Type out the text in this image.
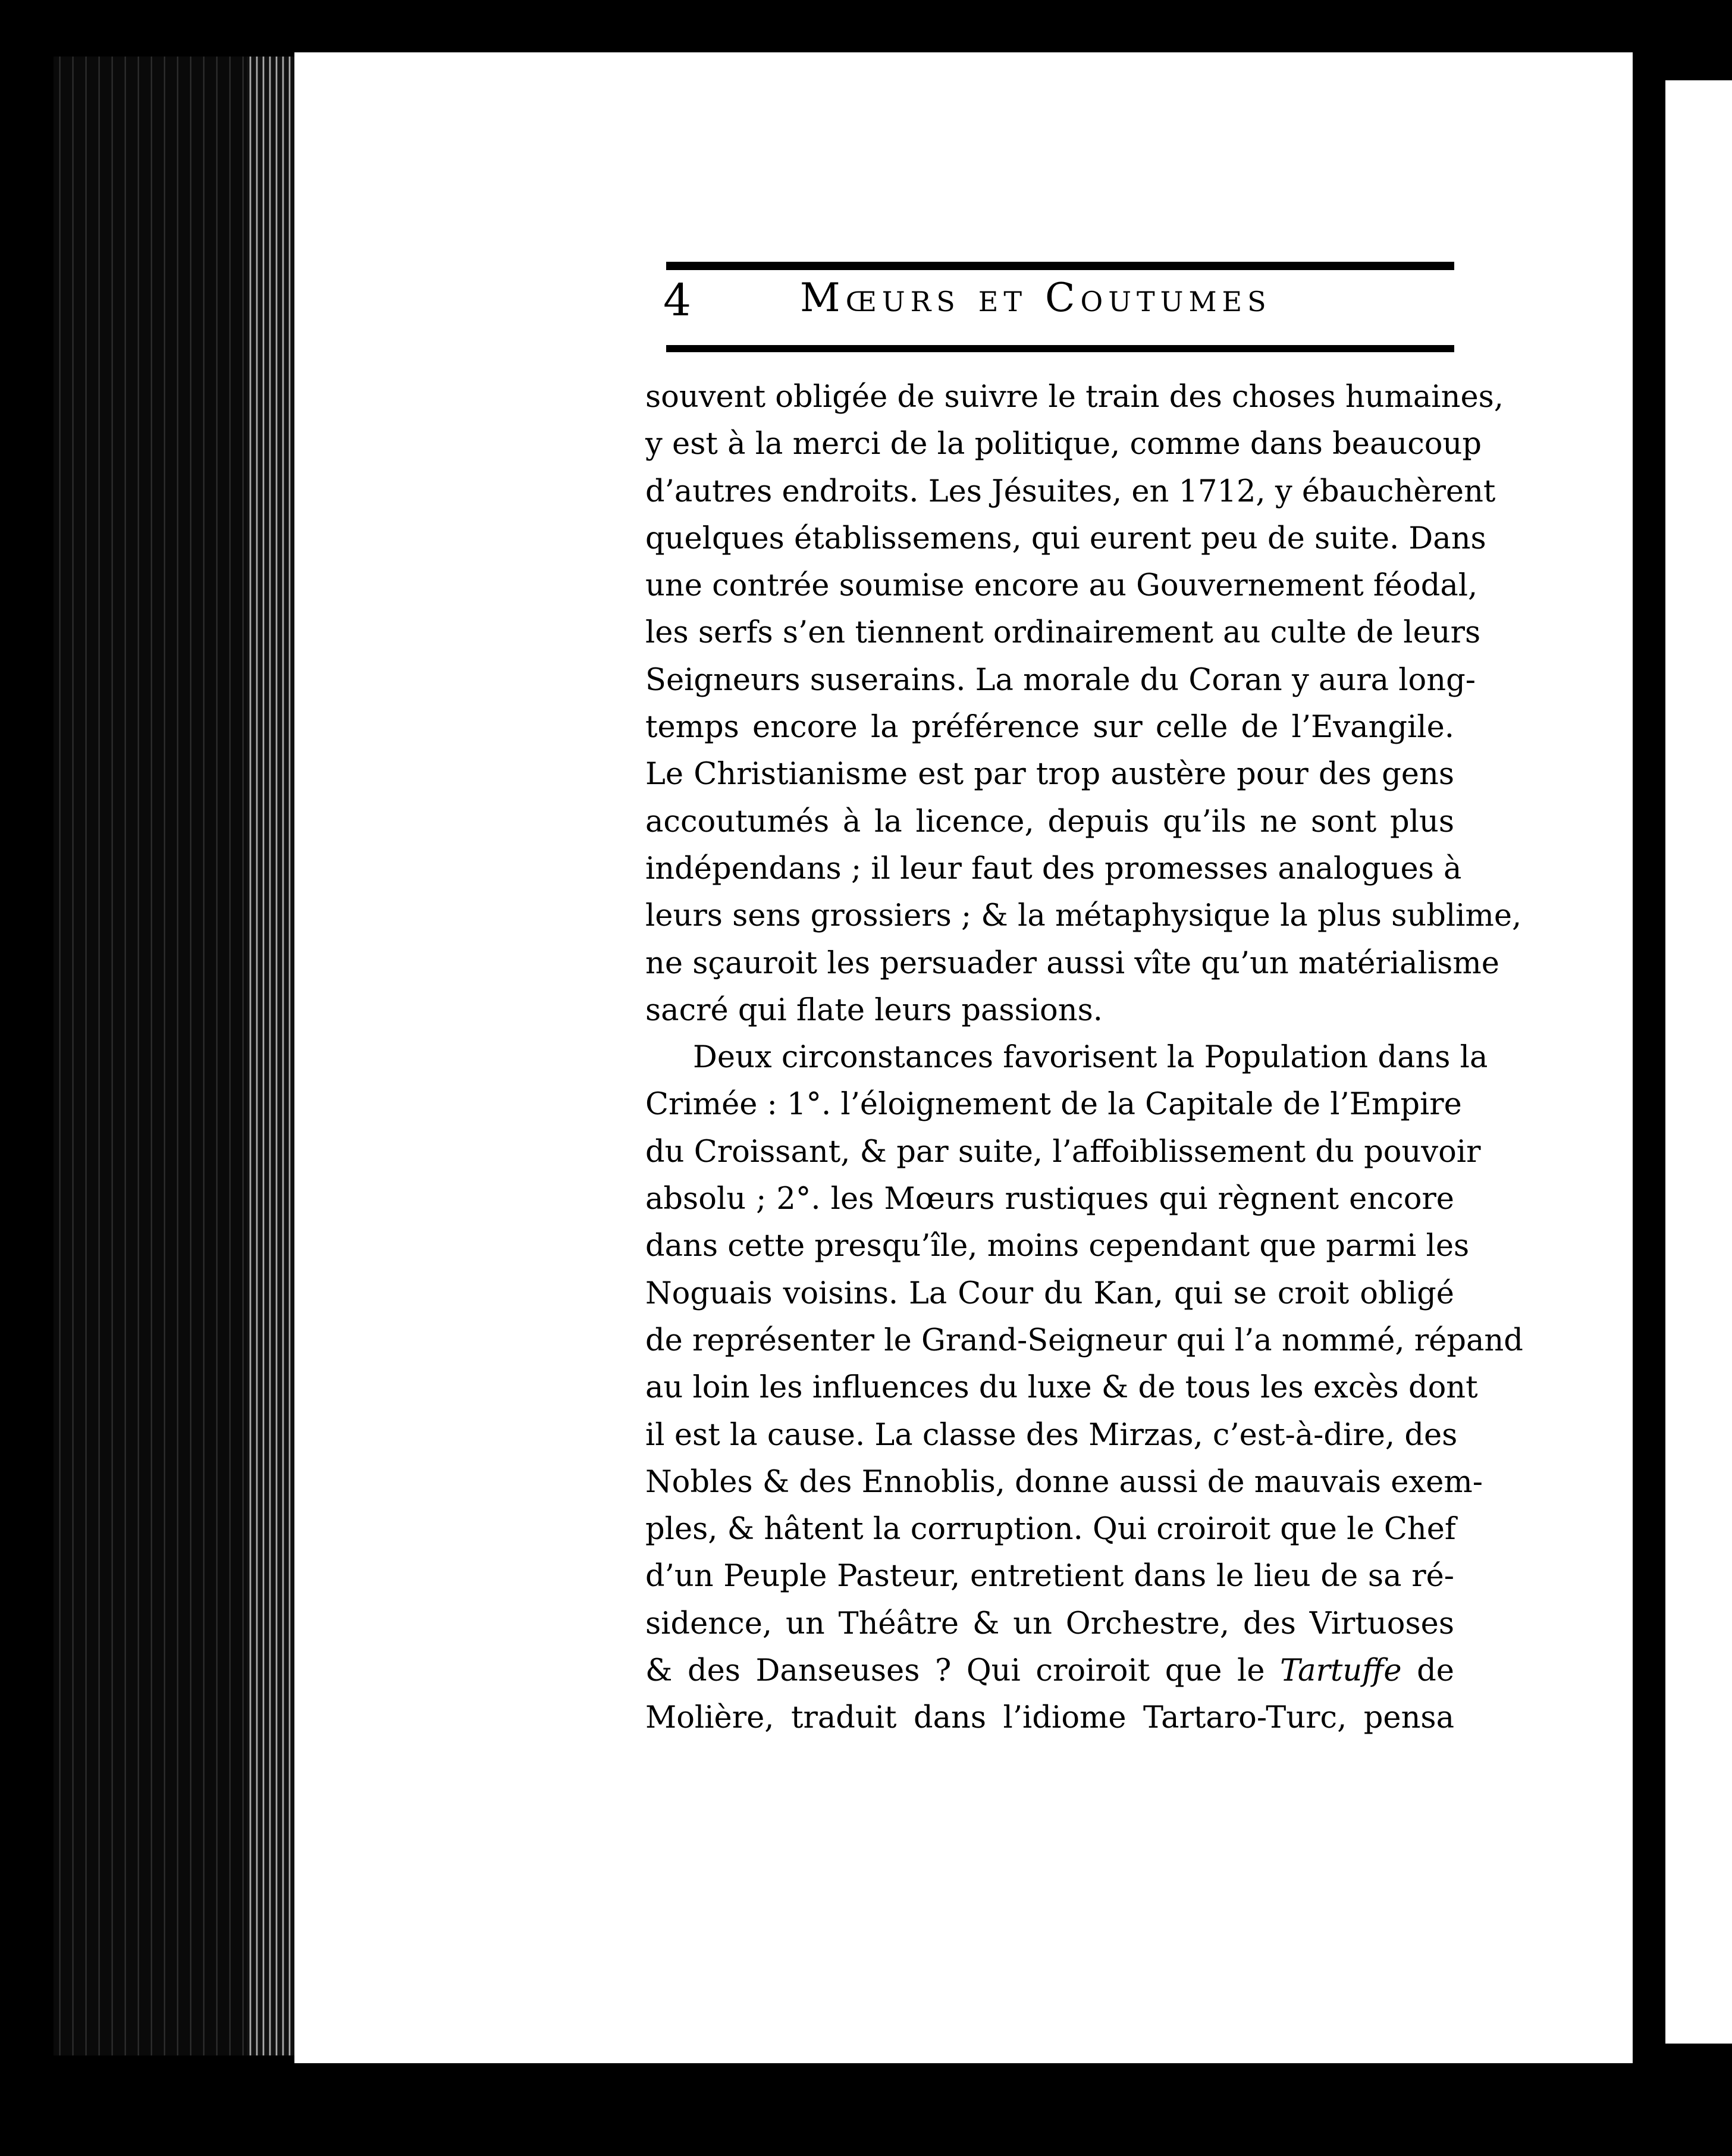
4	Mœurs et Coutumes
souvent obligée de suivre le train des choses humaines,
y est à la merci de la politique, comme dans beaucoup
d’autres endroits. Les Jésuites, en 1712, y ébauchèrent
quelques établissemens, qui eurent peu de suite. Dans
une contrée soumise encore au Gouvernement féodal,
les serfs s’en tiennent ordinairement au culte de leurs
Seigneurs suserains. La morale du Coran y aura long-
temps encore la préférence sur celle de l’Evangile.
Le Christianisme est par trop austère pour des gens
accoutumés à la licence, depuis qu’ils ne sont plus
indépendans ; il leur faut des promesses analogues à
leurs sens grossiers ; & la métaphysique la plus sublime,
ne sçauroit les persuader aussi vîte qu’un matérialisme
sacré qui flate leurs passions.
Deux circonstances favorisent la Population dans la
Crimée : 1°. l’éloignement de la Capitale de l’Empire
du Croissant, & par suite, l’affoiblissement du pouvoir
absolu ; 2°. les Mœurs rustiques qui règnent encore
dans cette presqu’île, moins cependant que parmi les
Noguais voisins. La Cour du Kan, qui se croit obligé
de représenter le Grand-Seigneur qui l’a nommé, répand
au loin les influences du luxe & de tous les excès dont
il est la cause. La classe des Mirzas, c’est-à-dire, des
Nobles & des Ennoblis, donne aussi de mauvais exem-
ples, & hâtent la corruption. Qui croiroit que le Chef
d’un Peuple Pasteur, entretient dans le lieu de sa ré-
sidence, un Théâtre & un Orchestre, des Virtuoses
& des Danseuses ? Qui croiroit que le Tartuffe de
Molière, traduit dans l’idiome Tartaro-Turc, pensa
